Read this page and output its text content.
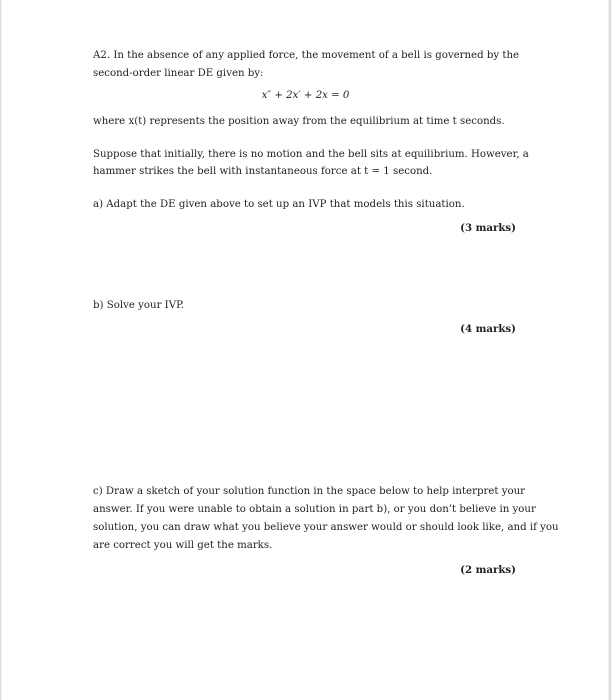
A2. In the absence of any applied force, the movement of a bell is governed by the
second-order linear DE given by:
x″ + 2x′ + 2x = 0
where x(t) represents the position away from the equilibrium at time t seconds.
Suppose that initially, there is no motion and the bell sits at equilibrium. However, a
hammer strikes the bell with instantaneous force at t = 1 second.
a) Adapt the DE given above to set up an IVP that models this situation.
(3 marks)
b) Solve your IVP.
(4 marks)
c) Draw a sketch of your solution function in the space below to help interpret your
answer. If you were unable to obtain a solution in part b), or you don’t believe in your
solution, you can draw what you believe your answer would or should look like, and if you
are correct you will get the marks.
(2 marks)
